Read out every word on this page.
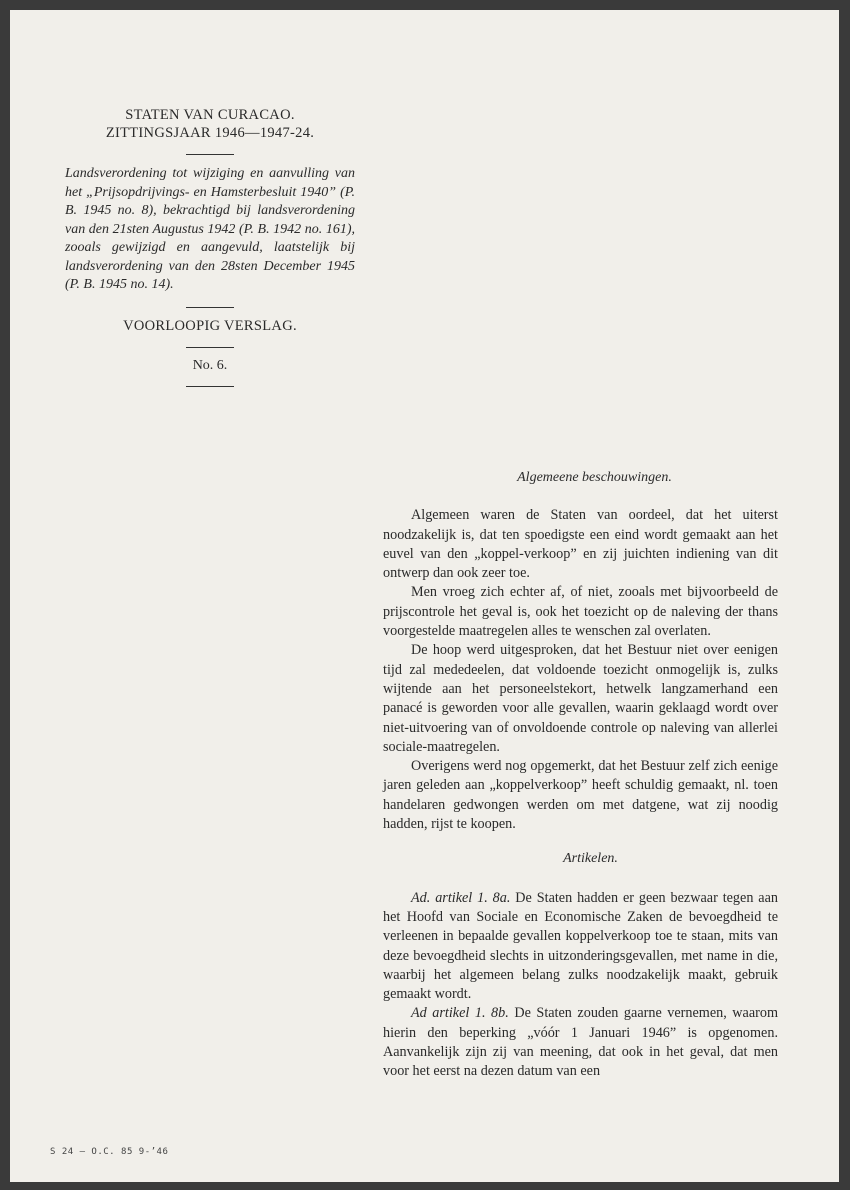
STATEN VAN CURACAO.
ZITTINGSJAAR 1946—1947-24.

Landsverordening tot wijziging en aanvulling van het „Prijsopdrijvings- en Hamsterbesluit 1940” (P. B. 1945 no. 8), bekrachtigd bij landsverordening van den 21sten Augustus 1942 (P. B. 1942 no. 161), zooals gewijzigd en aangevuld, laatstelijk bij landsverordening van den 28sten December 1945 (P. B. 1945 no. 14).

VOORLOOPIG VERSLAG.
No. 6.
Algemeene beschouwingen.

Algemeen waren de Staten van oordeel, dat het uiterst noodzakelijk is, dat ten spoedigste een eind wordt gemaakt aan het euvel van den „koppel-verkoop” en zij juichten indiening van dit ontwerp dan ook zeer toe.

Men vroeg zich echter af, of niet, zooals met bijvoorbeeld de prijscontrole het geval is, ook het toezicht op de naleving der thans voorgestelde maatregelen alles te wenschen zal overlaten.

De hoop werd uitgesproken, dat het Bestuur niet over eenigen tijd zal mededeelen, dat voldoende toezicht onmogelijk is, zulks wijtende aan het personeelstekort, hetwelk langzamerhand een panacé is geworden voor alle gevallen, waarin geklaagd wordt over niet-uitvoering van of onvoldoende controle op naleving van allerlei sociale-maatregelen.

Overigens werd nog opgemerkt, dat het Bestuur zelf zich eenige jaren geleden aan „koppelverkoop” heeft schuldig gemaakt, nl. toen handelaren gedwongen werden om met datgene, wat zij noodig hadden, rijst te koopen.

Artikelen.

Ad. artikel 1. 8a. De Staten hadden er geen bezwaar tegen aan het Hoofd van Sociale en Economische Zaken de bevoegdheid te verleenen in bepaalde gevallen koppelverkoop toe te staan, mits van deze bevoegdheid slechts in uitzonderingsgevallen, met name in die, waarbij het algemeen belang zulks noodzakelijk maakt, gebruik gemaakt wordt.

Ad artikel 1. 8b. De Staten zouden gaarne vernemen, waarom hierin den beperking „vóór 1 Januari 1946” is opgenomen. Aanvankelijk zijn zij van meening, dat ook in het geval, dat men voor het eerst na dezen datum van een

S 24 — O.C. 85 9-’46
